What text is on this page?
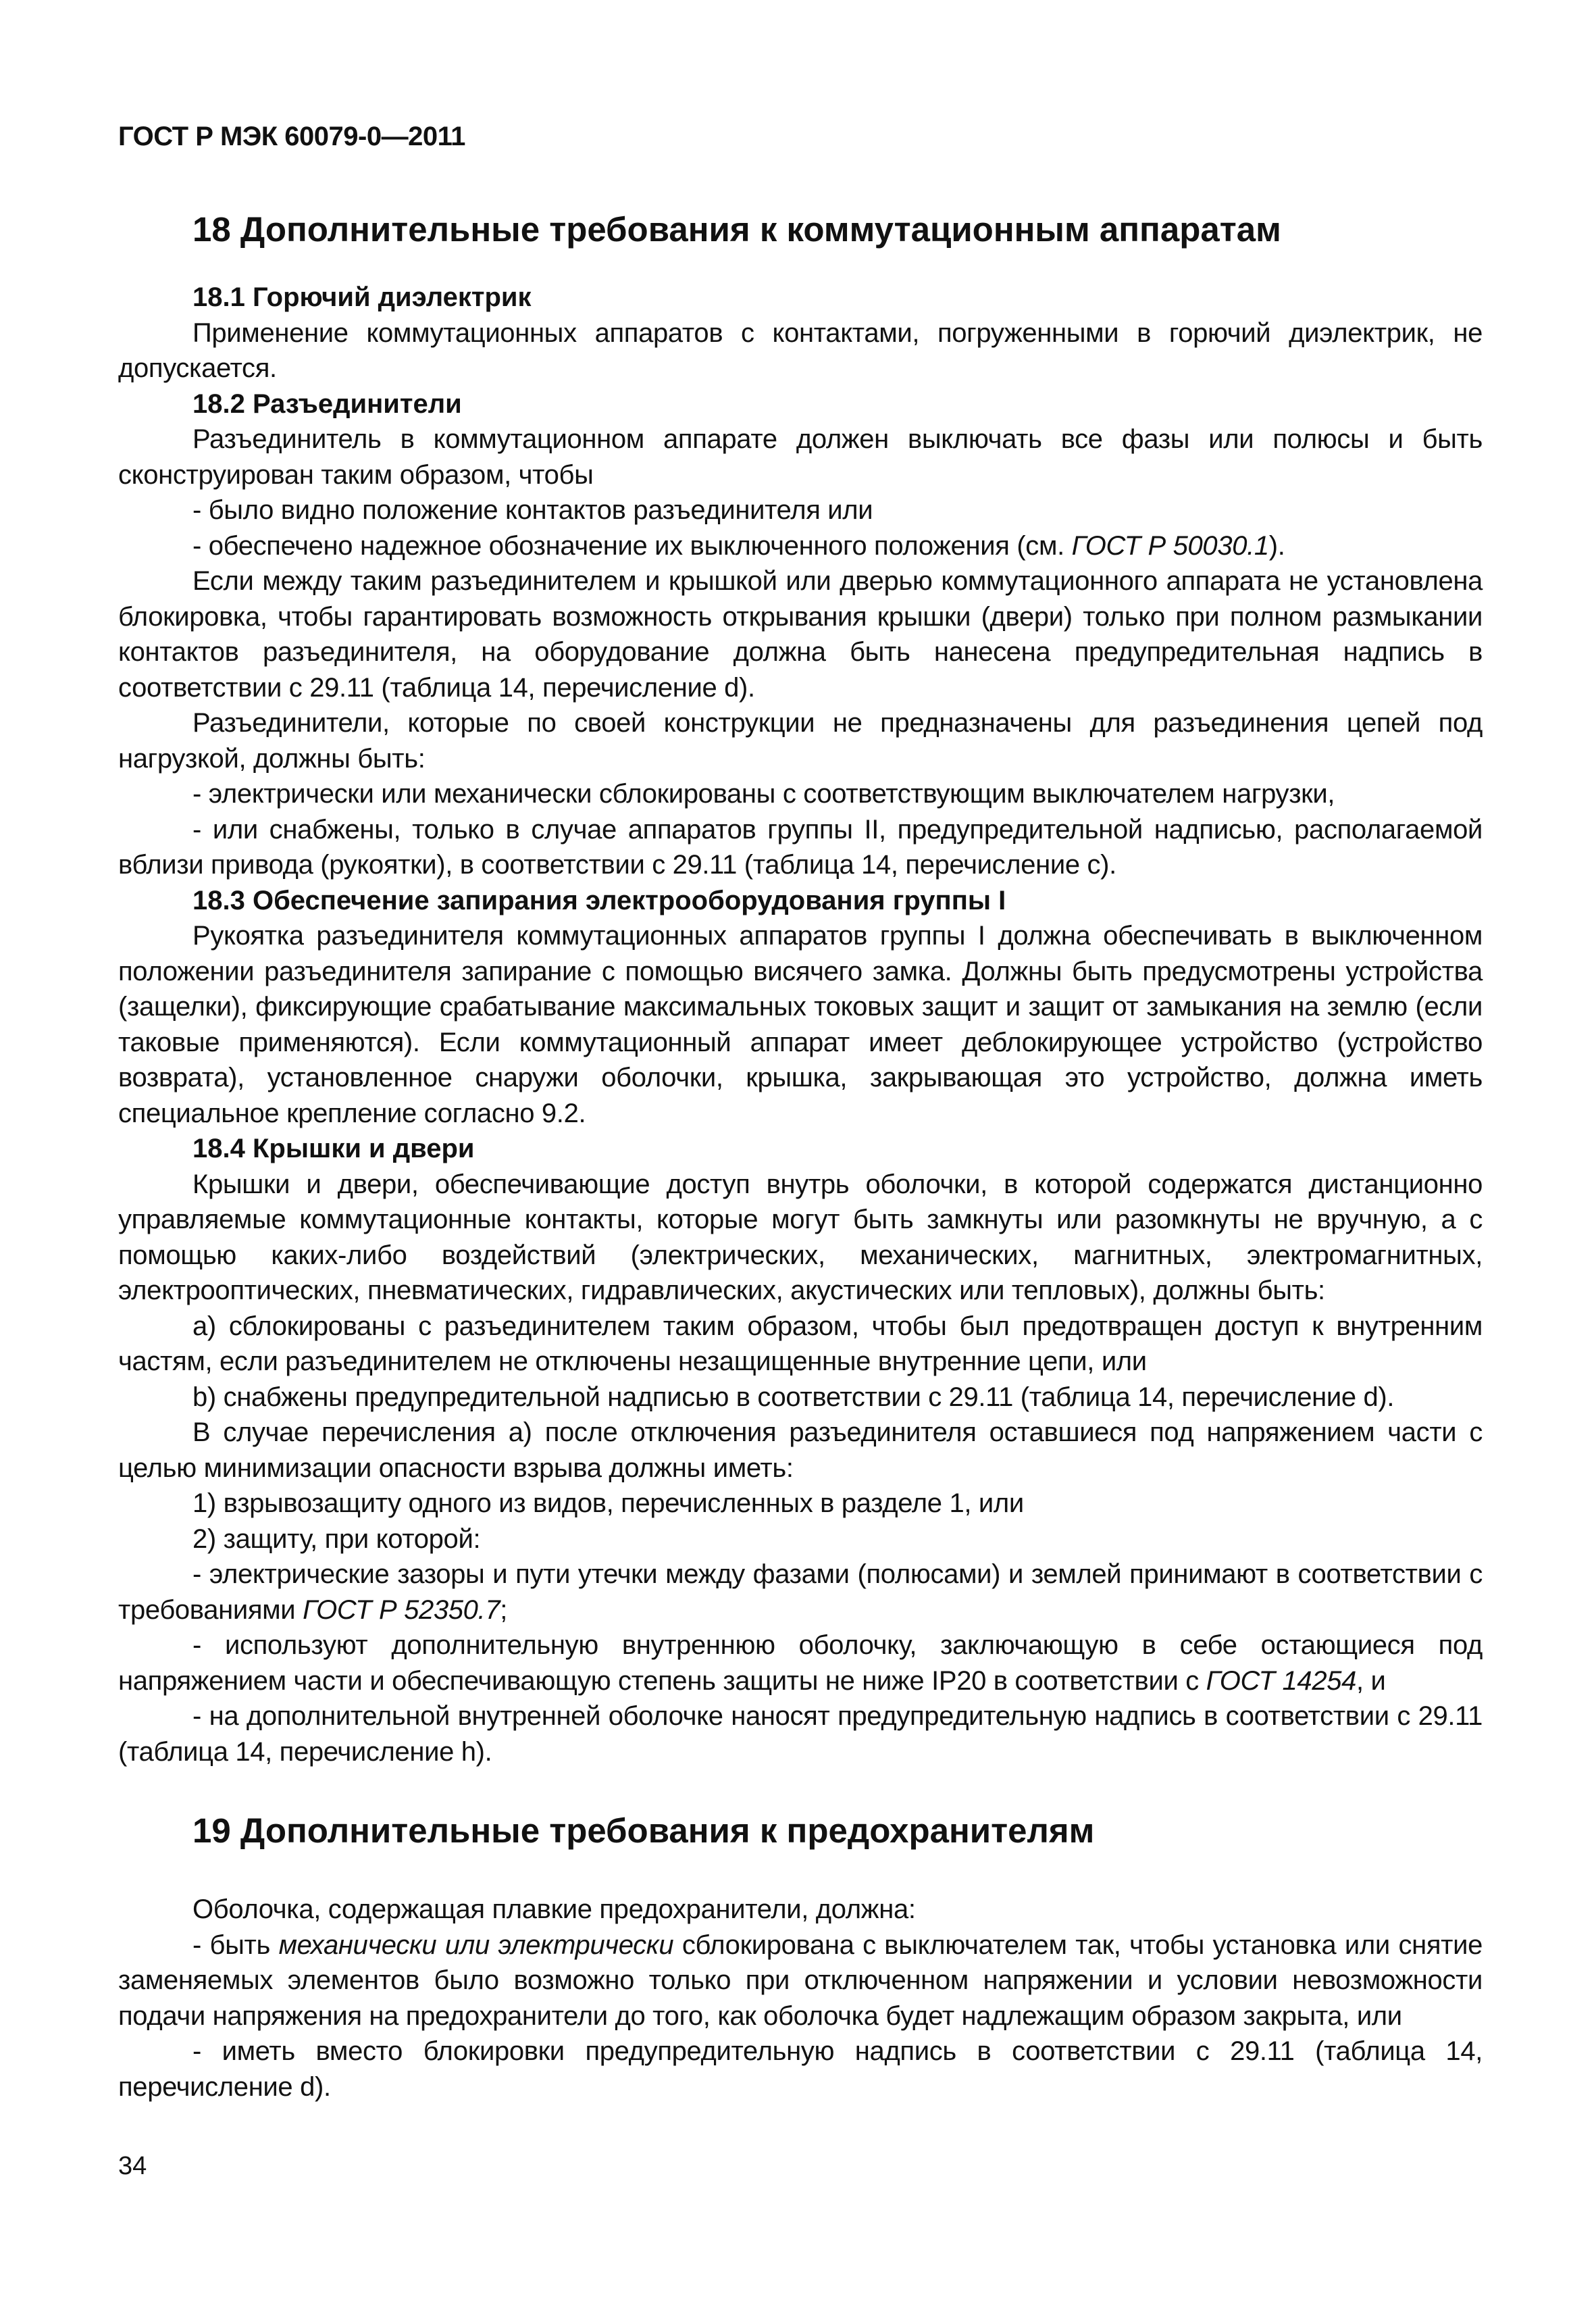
ГОСТ Р МЭК 60079-0—2011
18 Дополнительные требования к коммутационным аппаратам
18.1 Горючий диэлектрик

Применение коммутационных аппаратов с контактами, погруженными в горючий диэлектрик, не допускается.

18.2 Разъединители

Разъединитель в коммутационном аппарате должен выключать все фазы или полюсы и быть сконструирован таким образом, чтобы

- было видно положение контактов разъединителя или

- обеспечено надежное обозначение их выключенного положения (см. ГОСТ Р 50030.1).

Если между таким разъединителем и крышкой или дверью коммутационного аппарата не установлена блокировка, чтобы гарантировать возможность открывания крышки (двери) только при полном размыкании контактов разъединителя, на оборудование должна быть нанесена предупредительная надпись в соответствии с 29.11 (таблица 14, перечисление d).

Разъединители, которые по своей конструкции не предназначены для разъединения цепей под нагрузкой, должны быть:

- электрически или механически сблокированы с соответствующим выключателем нагрузки,

- или снабжены, только в случае аппаратов группы II, предупредительной надписью, располагаемой вблизи привода (рукоятки), в соответствии с 29.11 (таблица 14, перечисление с).

18.3 Обеспечение запирания электрооборудования группы I

Рукоятка разъединителя коммутационных аппаратов группы I должна обеспечивать в выключенном положении разъединителя запирание с помощью висячего замка. Должны быть предусмотрены устройства (защелки), фиксирующие срабатывание максимальных токовых защит и защит от замыкания на землю (если таковые применяются). Если коммутационный аппарат имеет деблокирующее устройство (устройство возврата), установленное снаружи оболочки, крышка, закрывающая это устройство, должна иметь специальное крепление согласно 9.2.

18.4 Крышки и двери

Крышки и двери, обеспечивающие доступ внутрь оболочки, в которой содержатся дистанционно управляемые коммутационные контакты, которые могут быть замкнуты или разомкнуты не вручную, а с помощью каких-либо воздействий (электрических, механических, магнитных, электромагнитных, электрооптических, пневматических, гидравлических, акустических или тепловых), должны быть:

а) сблокированы с разъединителем таким образом, чтобы был предотвращен доступ к внутренним частям, если разъединителем не отключены незащищенные внутренние цепи, или

b) снабжены предупредительной надписью в соответствии с 29.11 (таблица 14, перечисление d).

В случае перечисления а) после отключения разъединителя оставшиеся под напряжением части с целью минимизации опасности взрыва должны иметь:

1) взрывозащиту одного из видов, перечисленных в разделе 1, или

2) защиту, при которой:

- электрические зазоры и пути утечки между фазами (полюсами) и землей принимают в соответствии с требованиями ГОСТ Р 52350.7;

- используют дополнительную внутреннюю оболочку, заключающую в себе остающиеся под напряжением части и обеспечивающую степень защиты не ниже IP20 в соответствии с ГОСТ 14254, и

- на дополнительной внутренней оболочке наносят предупредительную надпись в соответствии с 29.11 (таблица 14, перечисление h).

19 Дополнительные требования к предохранителям

Оболочка, содержащая плавкие предохранители, должна:

- быть механически или электрически сблокирована с выключателем так, чтобы установка или снятие заменяемых элементов было возможно только при отключенном напряжении и условии невозможности подачи напряжения на предохранители до того, как оболочка будет надлежащим образом закрыта, или

- иметь вместо блокировки предупредительную надпись в соответствии с 29.11 (таблица 14, перечисление d).

34
